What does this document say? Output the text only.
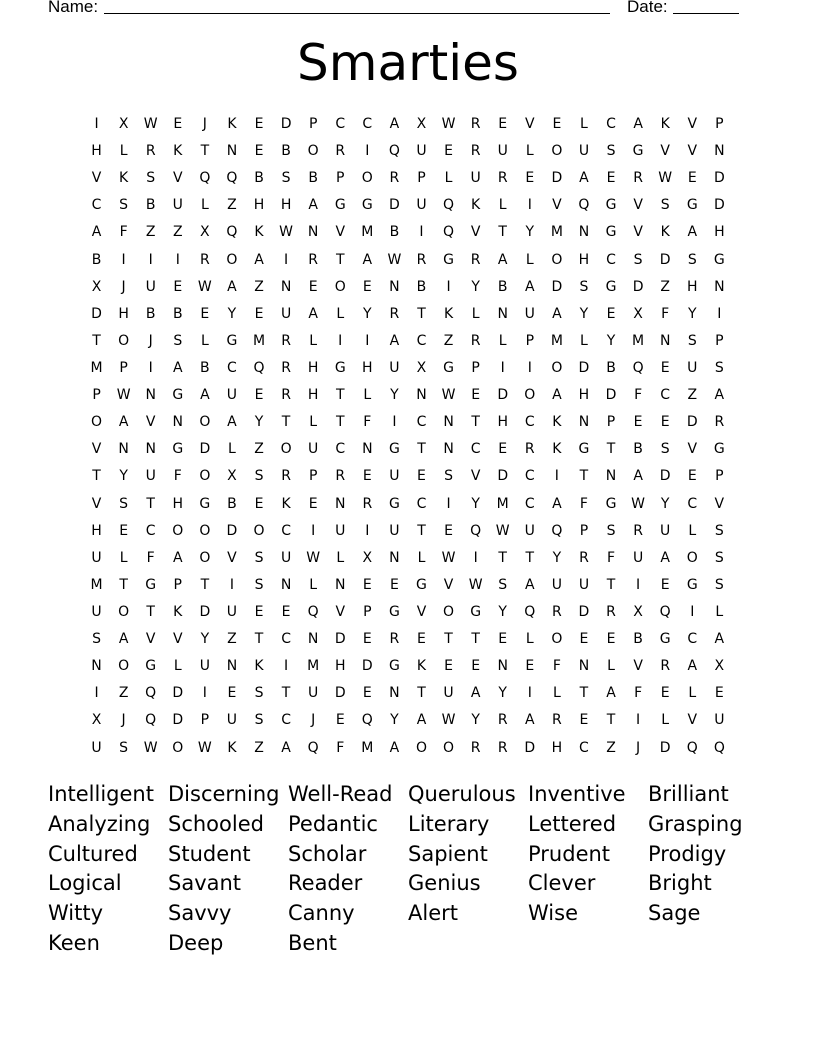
Name:	Date:
Smarties
I	X	W	E	J	K	E	D	P	C	C	A	X	W	R	E	V	E	L	C	A	K	V	P
H	L	R	K	T	N	E	B	O	R	I	Q	U	E	R	U	L	O	U	S	G	V	V	N
V	K	S	V	Q	Q	B	S	B	P	O	R	P	L	U	R	E	D	A	E	R	W	E	D
C	S	B	U	L	Z	H	H	A	G	G	D	U	Q	K	L	I	V	Q	G	V	S	G	D
A	F	Z	Z	X	Q	K	W	N	V	M	B	I	Q	V	T	Y	M	N	G	V	K	A	H
B	I	I	I	R	O	A	I	R	T	A	W	R	G	R	A	L	O	H	C	S	D	S	G
X	J	U	E	W	A	Z	N	E	O	E	N	B	I	Y	B	A	D	S	G	D	Z	H	N
D	H	B	B	E	Y	E	U	A	L	Y	R	T	K	L	N	U	A	Y	E	X	F	Y	I
T	O	J	S	L	G	M	R	L	I	I	A	C	Z	R	L	P	M	L	Y	M	N	S	P
M	P	I	A	B	C	Q	R	H	G	H	U	X	G	P	I	I	O	D	B	Q	E	U	S
P	W	N	G	A	U	E	R	H	T	L	Y	N	W	E	D	O	A	H	D	F	C	Z	A
O	A	V	N	O	A	Y	T	L	T	F	I	C	N	T	H	C	K	N	P	E	E	D	R
V	N	N	G	D	L	Z	O	U	C	N	G	T	N	C	E	R	K	G	T	B	S	V	G
T	Y	U	F	O	X	S	R	P	R	E	U	E	S	V	D	C	I	T	N	A	D	E	P
V	S	T	H	G	B	E	K	E	N	R	G	C	I	Y	M	C	A	F	G	W	Y	C	V
H	E	C	O	O	D	O	C	I	U	I	U	T	E	Q	W	U	Q	P	S	R	U	L	S
U	L	F	A	O	V	S	U	W	L	X	N	L	W	I	T	T	Y	R	F	U	A	O	S
M	T	G	P	T	I	S	N	L	N	E	E	G	V	W	S	A	U	U	T	I	E	G	S
U	O	T	K	D	U	E	E	Q	V	P	G	V	O	G	Y	Q	R	D	R	X	Q	I	L
S	A	V	V	Y	Z	T	C	N	D	E	R	E	T	T	E	L	O	E	E	B	G	C	A
N	O	G	L	U	N	K	I	M	H	D	G	K	E	E	N	E	F	N	L	V	R	A	X
I	Z	Q	D	I	E	S	T	U	D	E	N	T	U	A	Y	I	L	T	A	F	E	L	E
X	J	Q	D	P	U	S	C	J	E	Q	Y	A	W	Y	R	A	R	E	T	I	L	V	U
U	S	W	O	W	K	Z	A	Q	F	M	A	O	O	R	R	D	H	C	Z	J	D	Q	Q
Intelligent Discerning Well-Read Querulous Inventive	Brilliant
Analyzing Schooled	Pedantic	Literary	Lettered	Grasping
Cultured	Student	Scholar	Sapient	Prudent	Prodigy
Logical	Savant	Reader	Genius	Clever	Bright
Witty	Savvy	Canny	Alert	Wise	Sage
Keen	Deep	Bent
